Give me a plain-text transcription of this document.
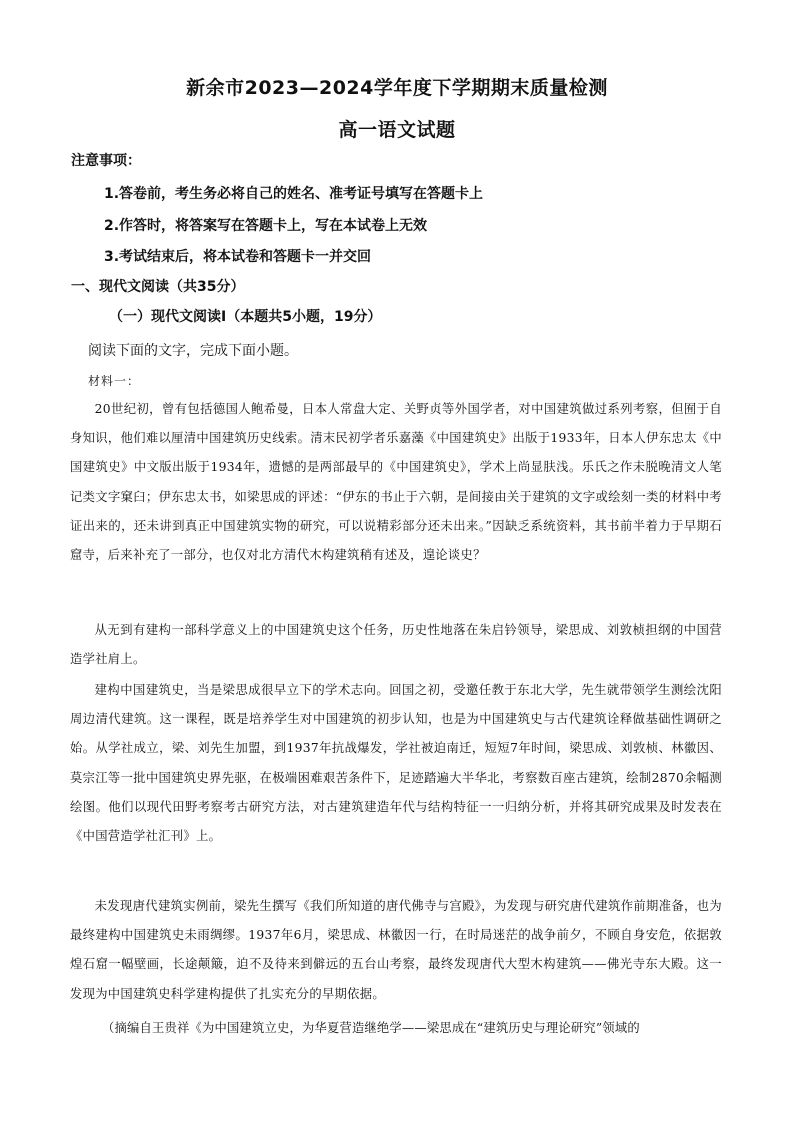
新余市2023—2024学年度下学期期末质量检测
高一语文试题
注意事项：
1.答卷前，考生务必将自己的姓名、准考证号填写在答题卡上
2.作答时，将答案写在答题卡上，写在本试卷上无效
3.考试结束后，将本试卷和答题卡一并交回
一、现代文阅读（共35分）
（一）现代文阅读Ⅰ（本题共5小题，19分）
阅读下面的文字，完成下面小题。
材料一：
20世纪初，曾有包括德国人鲍希曼，日本人常盘大定、关野贞等外国学者，对中国建筑做过系列考察，但囿于自身知识，他们难以厘清中国建筑历史线索。清末民初学者乐嘉藻《中国建筑史》出版于1933年，日本人伊东忠太《中国建筑史》中文版出版于1934年，遗憾的是两部最早的《中国建筑史》，学术上尚显肤浅。乐氏之作未脱晚清文人笔记类文字窠臼；伊东忠太书，如梁思成的评述：“伊东的书止于六朝，是间接由关于建筑的文字或绘刻一类的材料中考证出来的，还未讲到真正中国建筑实物的研究，可以说精彩部分还未出来。”因缺乏系统资料，其书前半着力于早期石窟寺，后来补充了一部分，也仅对北方清代木构建筑稍有述及，遑论谈史？
从无到有建构一部科学意义上的中国建筑史这个任务，历史性地落在朱启钤领导，梁思成、刘敦桢担纲的中国营造学社肩上。
建构中国建筑史，当是梁思成很早立下的学术志向。回国之初，受邀任教于东北大学，先生就带领学生测绘沈阳周边清代建筑。这一课程，既是培养学生对中国建筑的初步认知，也是为中国建筑史与古代建筑诠释做基础性调研之始。从学社成立，梁、刘先生加盟，到1937年抗战爆发，学社被迫南迁，短短7年时间，梁思成、刘敦桢、林徽因、莫宗江等一批中国建筑史界先驱，在极端困难艰苦条件下，足迹踏遍大半华北，考察数百座古建筑，绘制2870余幅测绘图。他们以现代田野考察考古研究方法，对古建筑建造年代与结构特征一一归纳分析，并将其研究成果及时发表在《中国营造学社汇刊》上。
未发现唐代建筑实例前，梁先生撰写《我们所知道的唐代佛寺与宫殿》，为发现与研究唐代建筑作前期准备，也为最终建构中国建筑史未雨绸缪。1937年6月，梁思成、林徽因一行，在时局迷茫的战争前夕，不顾自身安危，依据敦煌石窟一幅壁画，长途颠簸，迫不及待来到僻远的五台山考察，最终发现唐代大型木构建筑——佛光寺东大殿。这一发现为中国建筑史科学建构提供了扎实充分的早期依据。
（摘编自王贵祥《为中国建筑立史，为华夏营造继绝学——梁思成在“建筑历史与理论研究”领域的
